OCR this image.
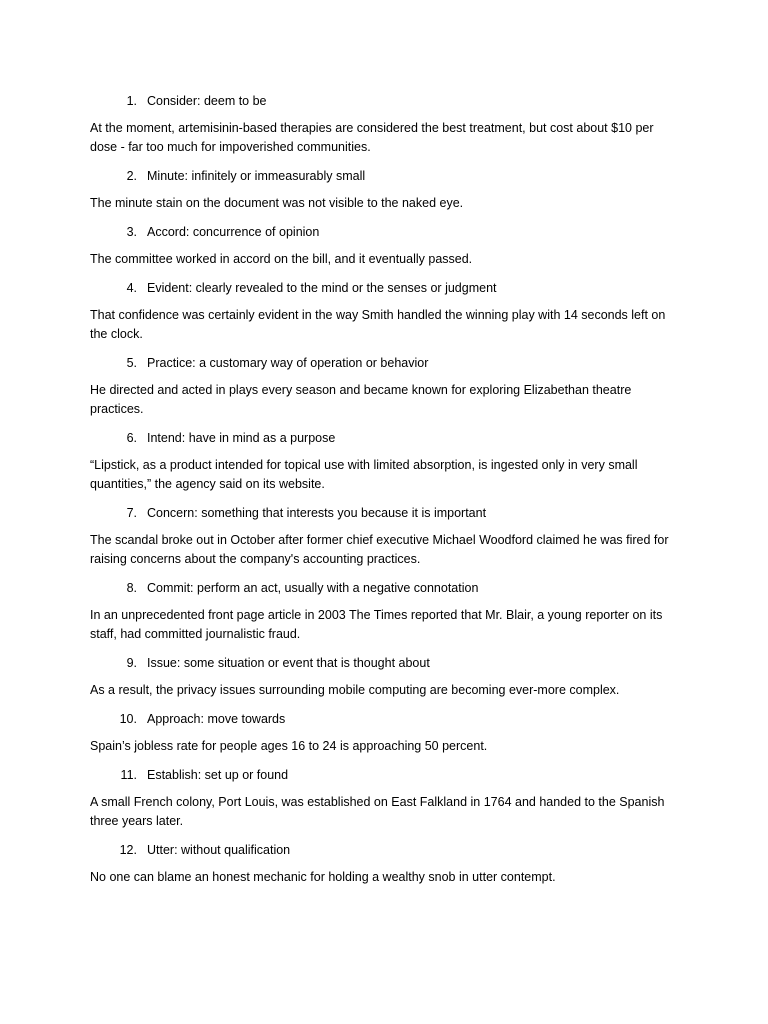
1. Consider: deem to be

At the moment, artemisinin-based therapies are considered the best treatment, but cost about $10 per dose - far too much for impoverished communities.

2. Minute: infinitely or immeasurably small

The minute stain on the document was not visible to the naked eye.

3. Accord: concurrence of opinion

The committee worked in accord on the bill, and it eventually passed.

4. Evident: clearly revealed to the mind or the senses or judgment

That confidence was certainly evident in the way Smith handled the winning play with 14 seconds left on the clock.

5. Practice: a customary way of operation or behavior

He directed and acted in plays every season and became known for exploring Elizabethan theatre practices.

6. Intend: have in mind as a purpose

“Lipstick, as a product intended for topical use with limited absorption, is ingested only in very small quantities,” the agency said on its website.

7. Concern: something that interests you because it is important

The scandal broke out in October after former chief executive Michael Woodford claimed he was fired for raising concerns about the company's accounting practices.

8. Commit: perform an act, usually with a negative connotation

In an unprecedented front page article in 2003 The Times reported that Mr. Blair, a young reporter on its staff, had committed journalistic fraud.

9. Issue: some situation or event that is thought about

As a result, the privacy issues surrounding mobile computing are becoming ever-more complex.

10. Approach: move towards

Spain’s jobless rate for people ages 16 to 24 is approaching 50 percent.

11. Establish: set up or found

A small French colony, Port Louis, was established on East Falkland in 1764 and handed to the Spanish three years later.

12. Utter: without qualification

No one can blame an honest mechanic for holding a wealthy snob in utter contempt.
